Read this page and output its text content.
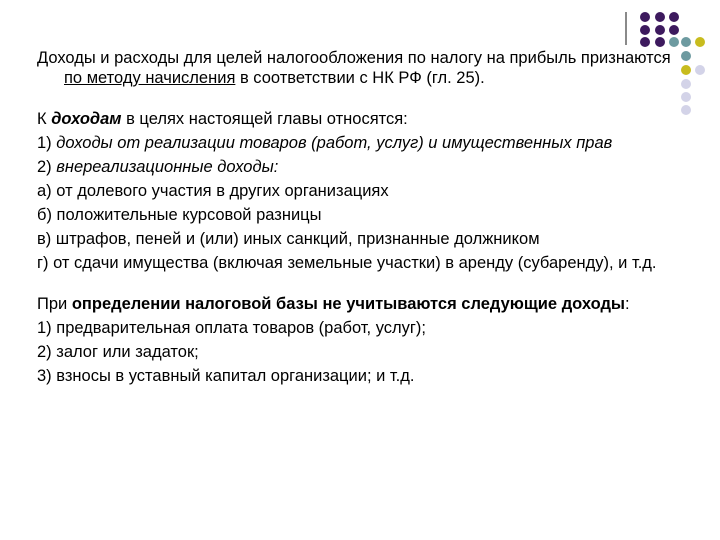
Доходы и расходы для целей налогообложения по налогу на прибыль признаются по методу начисления в соответствии с НК РФ (гл. 25).

К доходам в целях настоящей главы относятся:

1) доходы от реализации товаров (работ, услуг) и имущественных прав

2) внереализационные доходы:

а) от долевого участия в других организациях

б) положительные курсовой разницы

в) штрафов, пеней и (или) иных санкций, признанные должником

г) от сдачи имущества (включая земельные участки) в аренду (субаренду), и т.д.

При определении налоговой базы не учитываются следующие доходы:

1) предварительная оплата товаров (работ, услуг);

2) залог или задаток;

3) взносы в уставный капитал организации; и т.д.
